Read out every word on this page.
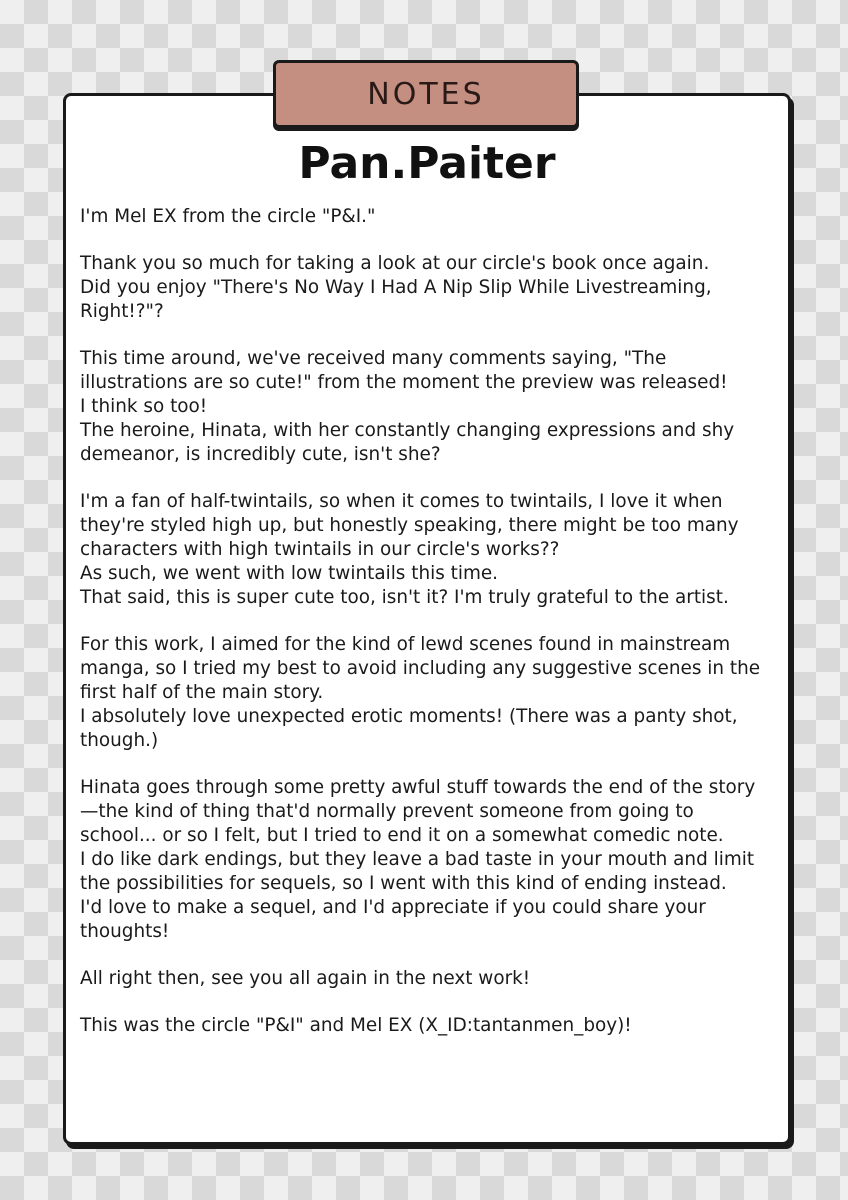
NOTES
Pan.Paiter

I'm Mel EX from the circle "P&I."

Thank you so much for taking a look at our circle's book once again.
Did you enjoy "There's No Way I Had A Nip Slip While Livestreaming, Right!?"?

This time around, we've received many comments saying, "The illustrations are so cute!" from the moment the preview was released!
I think so too!
The heroine, Hinata, with her constantly changing expressions and shy demeanor, is incredibly cute, isn't she?

I'm a fan of half-twintails, so when it comes to twintails, I love it when they're styled high up, but honestly speaking, there might be too many characters with high twintails in our circle's works??
As such, we went with low twintails this time.
That said, this is super cute too, isn't it? I'm truly grateful to the artist.

For this work, I aimed for the kind of lewd scenes found in mainstream manga, so I tried my best to avoid including any suggestive scenes in the first half of the main story.
I absolutely love unexpected erotic moments! (There was a panty shot, though.)

Hinata goes through some pretty awful stuff towards the end of the story—the kind of thing that'd normally prevent someone from going to school... or so I felt, but I tried to end it on a somewhat comedic note.
I do like dark endings, but they leave a bad taste in your mouth and limit the possibilities for sequels, so I went with this kind of ending instead.
I'd love to make a sequel, and I'd appreciate if you could share your thoughts!

All right then, see you all again in the next work!

This was the circle "P&I" and Mel EX (X_ID:tantanmen_boy)!
